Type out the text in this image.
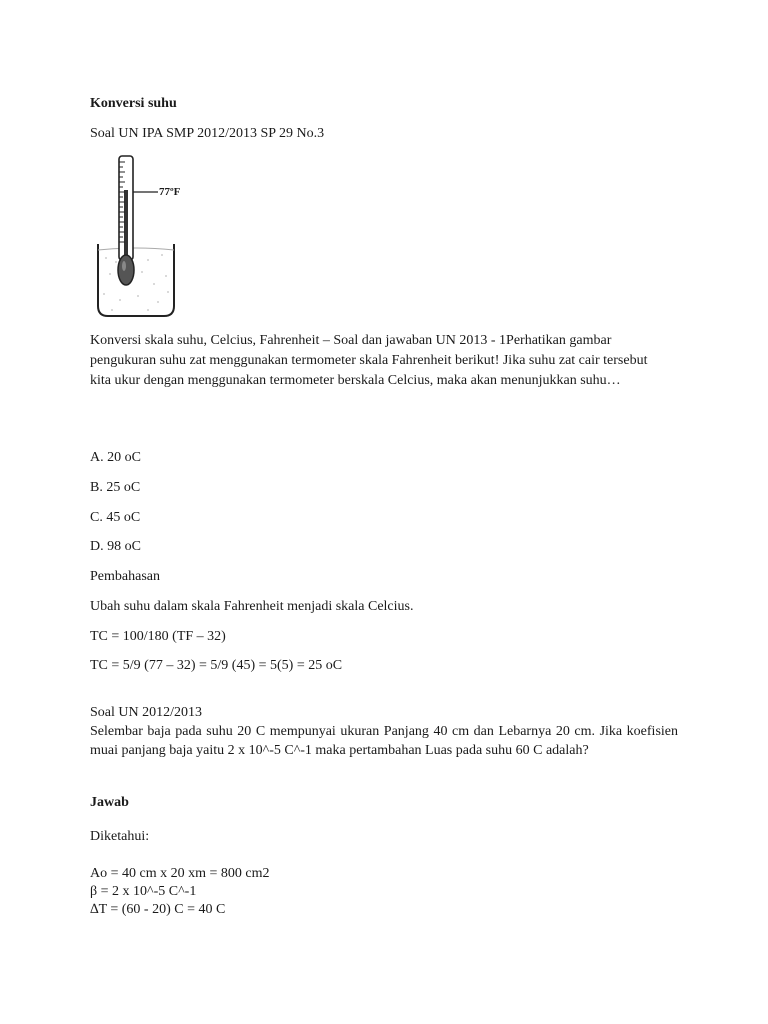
Konversi suhu
Soal UN IPA SMP 2012/2013 SP 29 No.3
77ºF
Konversi skala suhu, Celcius, Fahrenheit – Soal dan jawaban UN 2013 - 1Perhatikan gambar pengukuran suhu zat menggunakan termometer skala Fahrenheit berikut! Jika suhu zat cair tersebut kita ukur dengan menggunakan termometer berskala Celcius, maka akan menunjukkan suhu…
A. 20 oC
B. 25 oC
C. 45 oC
D. 98 oC
Pembahasan
Ubah suhu dalam skala Fahrenheit menjadi skala Celcius.
TC = 100/180 (TF – 32)
TC = 5/9 (77 – 32) = 5/9 (45) = 5(5) = 25 oC
Soal UN 2012/2013
Selembar baja pada suhu 20 C mempunyai ukuran Panjang 40 cm dan Lebarnya 20 cm. Jika koefisien muai panjang baja yaitu 2 x 10^-5 C^-1 maka pertambahan Luas pada suhu 60 C adalah?
Jawab
Diketahui:
Ao = 40 cm x 20 xm = 800 cm2
β = 2 x 10^-5 C^-1
∆T = (60 - 20) C = 40 C
